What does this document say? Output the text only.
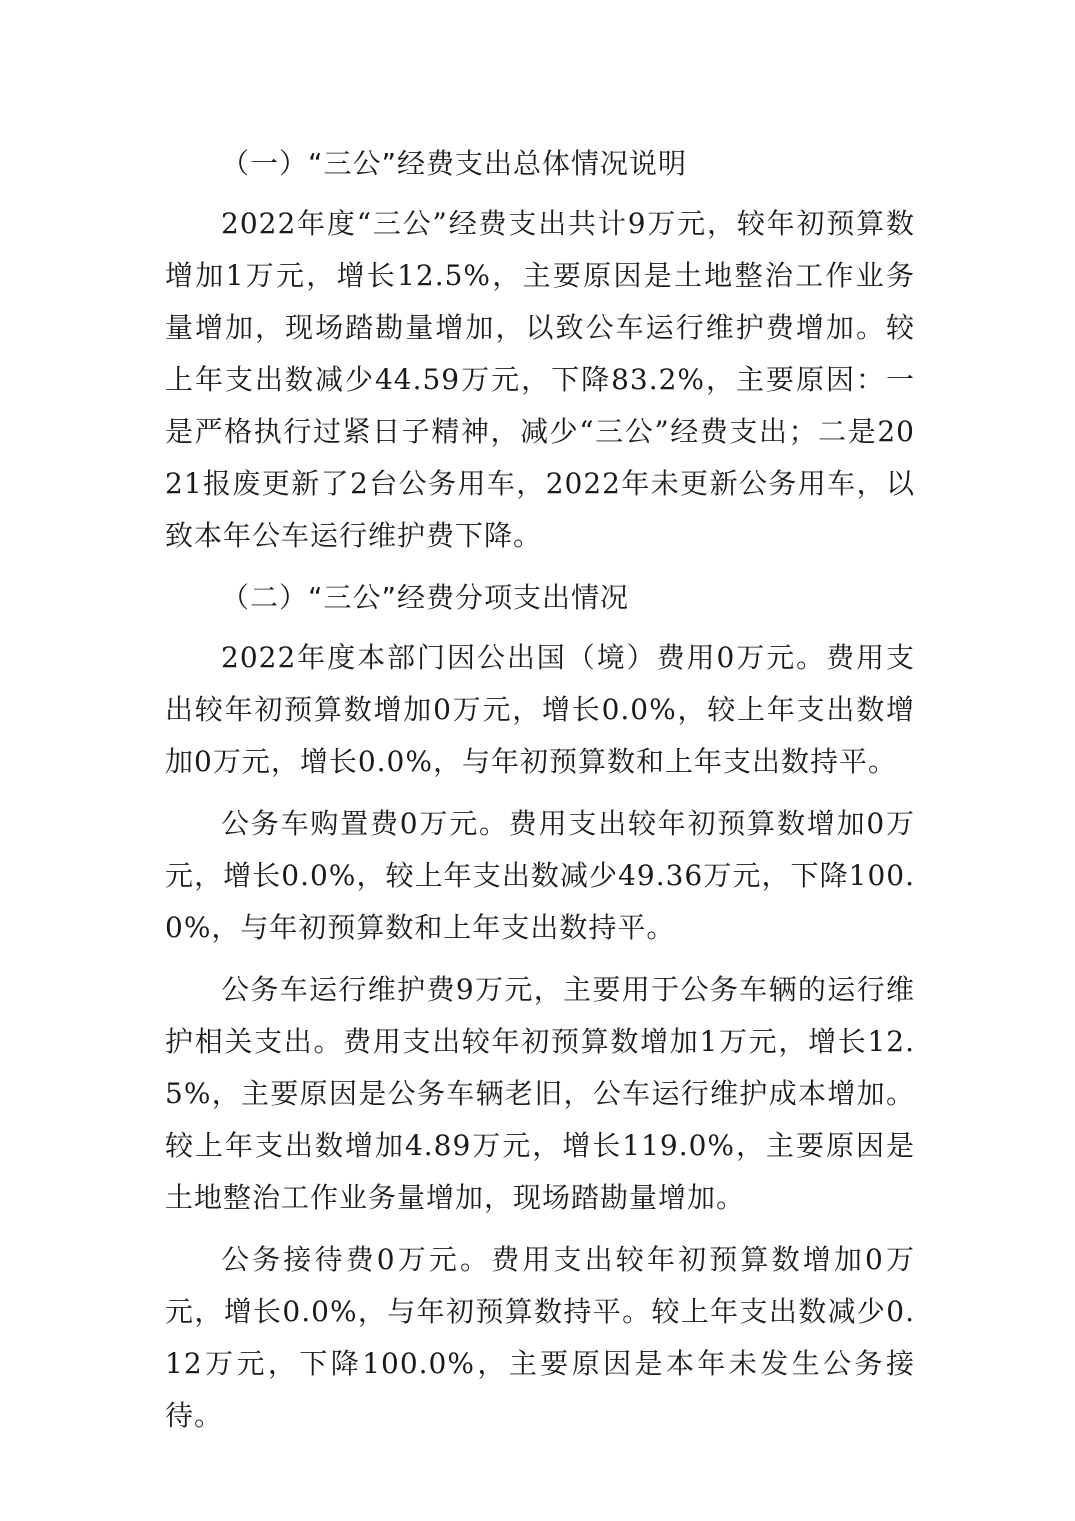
（一）“三公”经费支出总体情况说明

2022年度“三公”经费支出共计9万元，较年初预算数增加1万元，增长12.5%，主要原因是土地整治工作业务量增加，现场踏勘量增加，以致公车运行维护费增加。较上年支出数减少44.59万元，下降83.2%，主要原因：一是严格执行过紧日子精神，减少“三公”经费支出；二是2021报废更新了2台公务用车，2022年未更新公务用车，以致本年公车运行维护费下降。

（二）“三公”经费分项支出情况

2022年度本部门因公出国（境）费用0万元。费用支出较年初预算数增加0万元，增长0.0%，较上年支出数增加0万元，增长0.0%，与年初预算数和上年支出数持平。

公务车购置费0万元。费用支出较年初预算数增加0万元，增长0.0%，较上年支出数减少49.36万元，下降100.0%，与年初预算数和上年支出数持平。

公务车运行维护费9万元，主要用于公务车辆的运行维护相关支出。费用支出较年初预算数增加1万元，增长12.5%，主要原因是公务车辆老旧，公车运行维护成本增加。较上年支出数增加4.89万元，增长119.0%，主要原因是土地整治工作业务量增加，现场踏勘量增加。

公务接待费0万元。费用支出较年初预算数增加0万元，增长0.0%，与年初预算数持平。较上年支出数减少0.12万元，下降100.0%，主要原因是本年未发生公务接待。
